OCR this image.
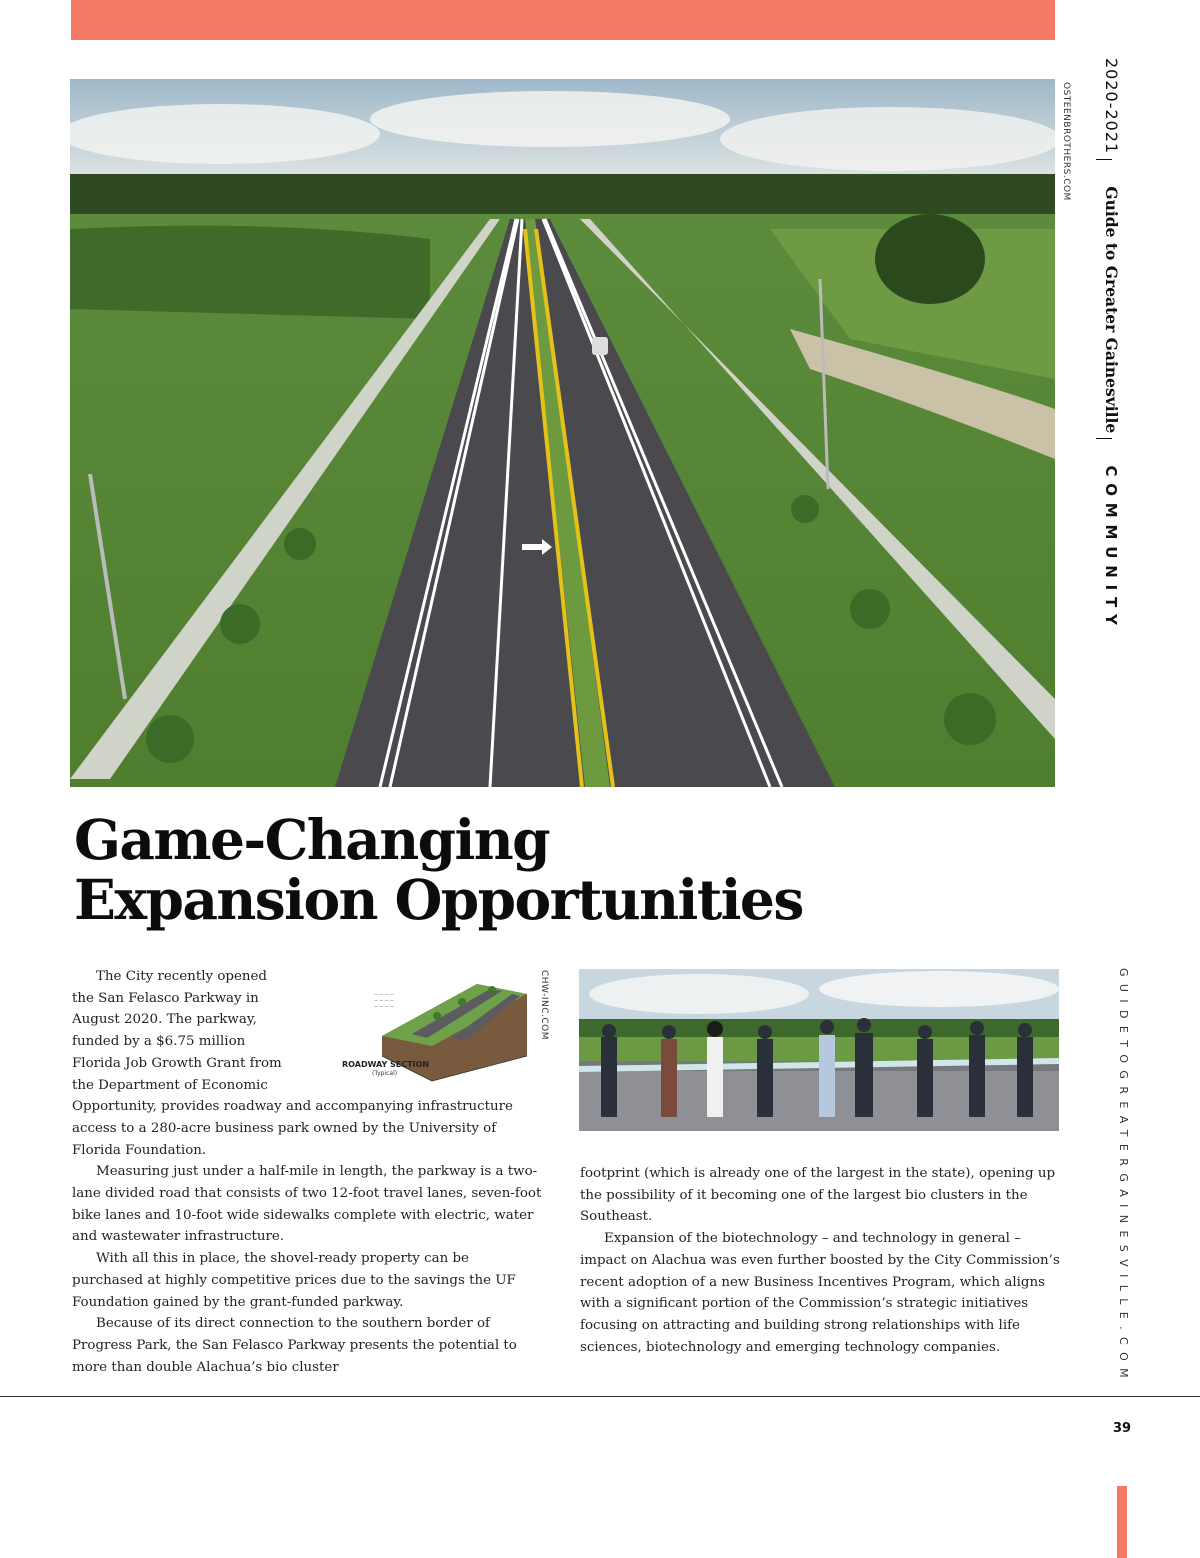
OSTEENBROTHERS.COM 2020-2021  Guide to Greater Gainesville  COMMUNITY
Game-Changing
Expansion Opportunities
— — — —
— — — —
— — — —
ROADWAY SECTION
(Typical)
CHW-INC.COM
The City recently opened
the San Felasco Parkway in
August 2020. The parkway,
funded by a $6.75 million
Florida Job Growth Grant from
the Department of Economic

Opportunity, provides roadway and accompanying infrastructure access to a 280-acre business park owned by the University of Florida Foundation.

Measuring just under a half-mile in length, the parkway is a two-lane divided road that consists of two 12-foot travel lanes, seven-foot bike lanes and 10-foot wide sidewalks complete with electric, water and wastewater infrastructure.

With all this in place, the shovel-ready property can be purchased at highly competitive prices due to the savings the UF Foundation gained by the grant-funded parkway.

Because of its direct connection to the southern border of Progress Park, the San Felasco Parkway presents the potential to more than double Alachua’s bio cluster

footprint (which is already one of the largest in the state), opening up the possibility of it becoming one of the largest bio clusters in the Southeast.

Expansion of the biotechnology – and technology in general – impact on Alachua was even further boosted by the City Commission’s recent adoption of a new Business Incentives Program, which aligns with a significant portion of the Commission’s strategic initiatives focusing on attracting and building strong relationships with life sciences, biotechnology and emerging technology companies.	GUIDETOGREATERGAINESVILLE.COM
39
